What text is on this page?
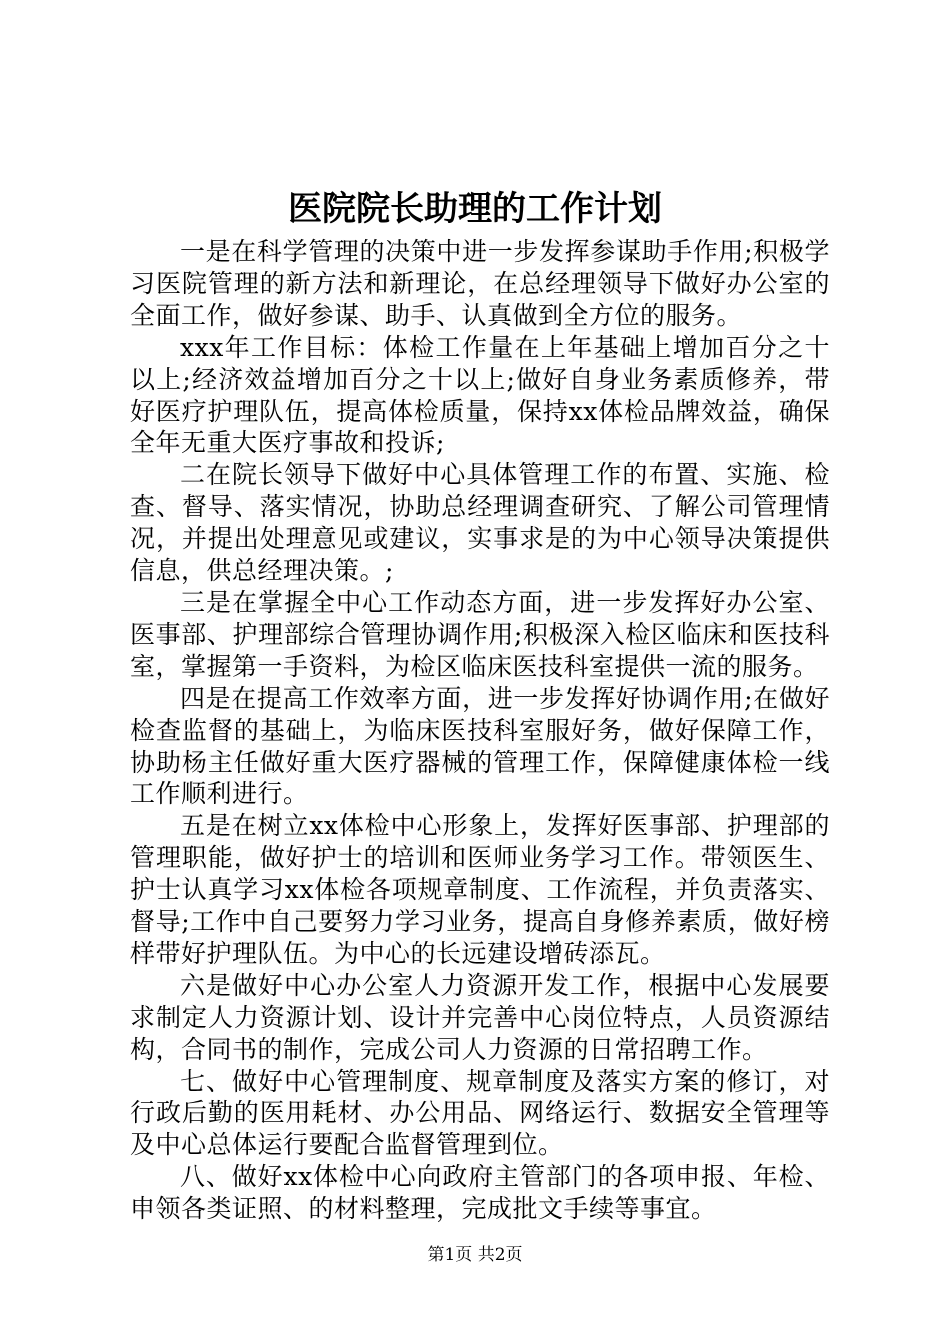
医院院长助理的工作计划

一是在科学管理的决策中进一步发挥参谋助手作用;积极学习医院管理的新方法和新理论，在总经理领导下做好办公室的全面工作，做好参谋、助手、认真做到全方位的服务。

xxx年工作目标：体检工作量在上年基础上增加百分之十以上;经济效益增加百分之十以上;做好自身业务素质修养，带好医疗护理队伍，提高体检质量，保持xx体检品牌效益，确保全年无重大医疗事故和投诉;

二在院长领导下做好中心具体管理工作的布置、实施、检查、督导、落实情况，协助总经理调查研究、了解公司管理情况，并提出处理意见或建议，实事求是的为中心领导决策提供信息，供总经理决策。;

三是在掌握全中心工作动态方面，进一步发挥好办公室、医事部、护理部综合管理协调作用;积极深入检区临床和医技科室，掌握第一手资料，为检区临床医技科室提供一流的服务。

四是在提高工作效率方面，进一步发挥好协调作用;在做好检查监督的基础上，为临床医技科室服好务，做好保障工作，协助杨主任做好重大医疗器械的管理工作，保障健康体检一线工作顺利进行。

五是在树立xx体检中心形象上，发挥好医事部、护理部的管理职能，做好护士的培训和医师业务学习工作。带领医生、护士认真学习xx体检各项规章制度、工作流程，并负责落实、督导;工作中自己要努力学习业务，提高自身修养素质，做好榜样带好护理队伍。为中心的长远建设增砖添瓦。

六是做好中心办公室人力资源开发工作，根据中心发展要求制定人力资源计划、设计并完善中心岗位特点，人员资源结构，合同书的制作，完成公司人力资源的日常招聘工作。

七、做好中心管理制度、规章制度及落实方案的修订，对行政后勤的医用耗材、办公用品、网络运行、数据安全管理等及中心总体运行要配合监督管理到位。

八、做好xx体检中心向政府主管部门的各项申报、年检、申领各类证照、的材料整理，完成批文手续等事宜。

第1页 共2页
